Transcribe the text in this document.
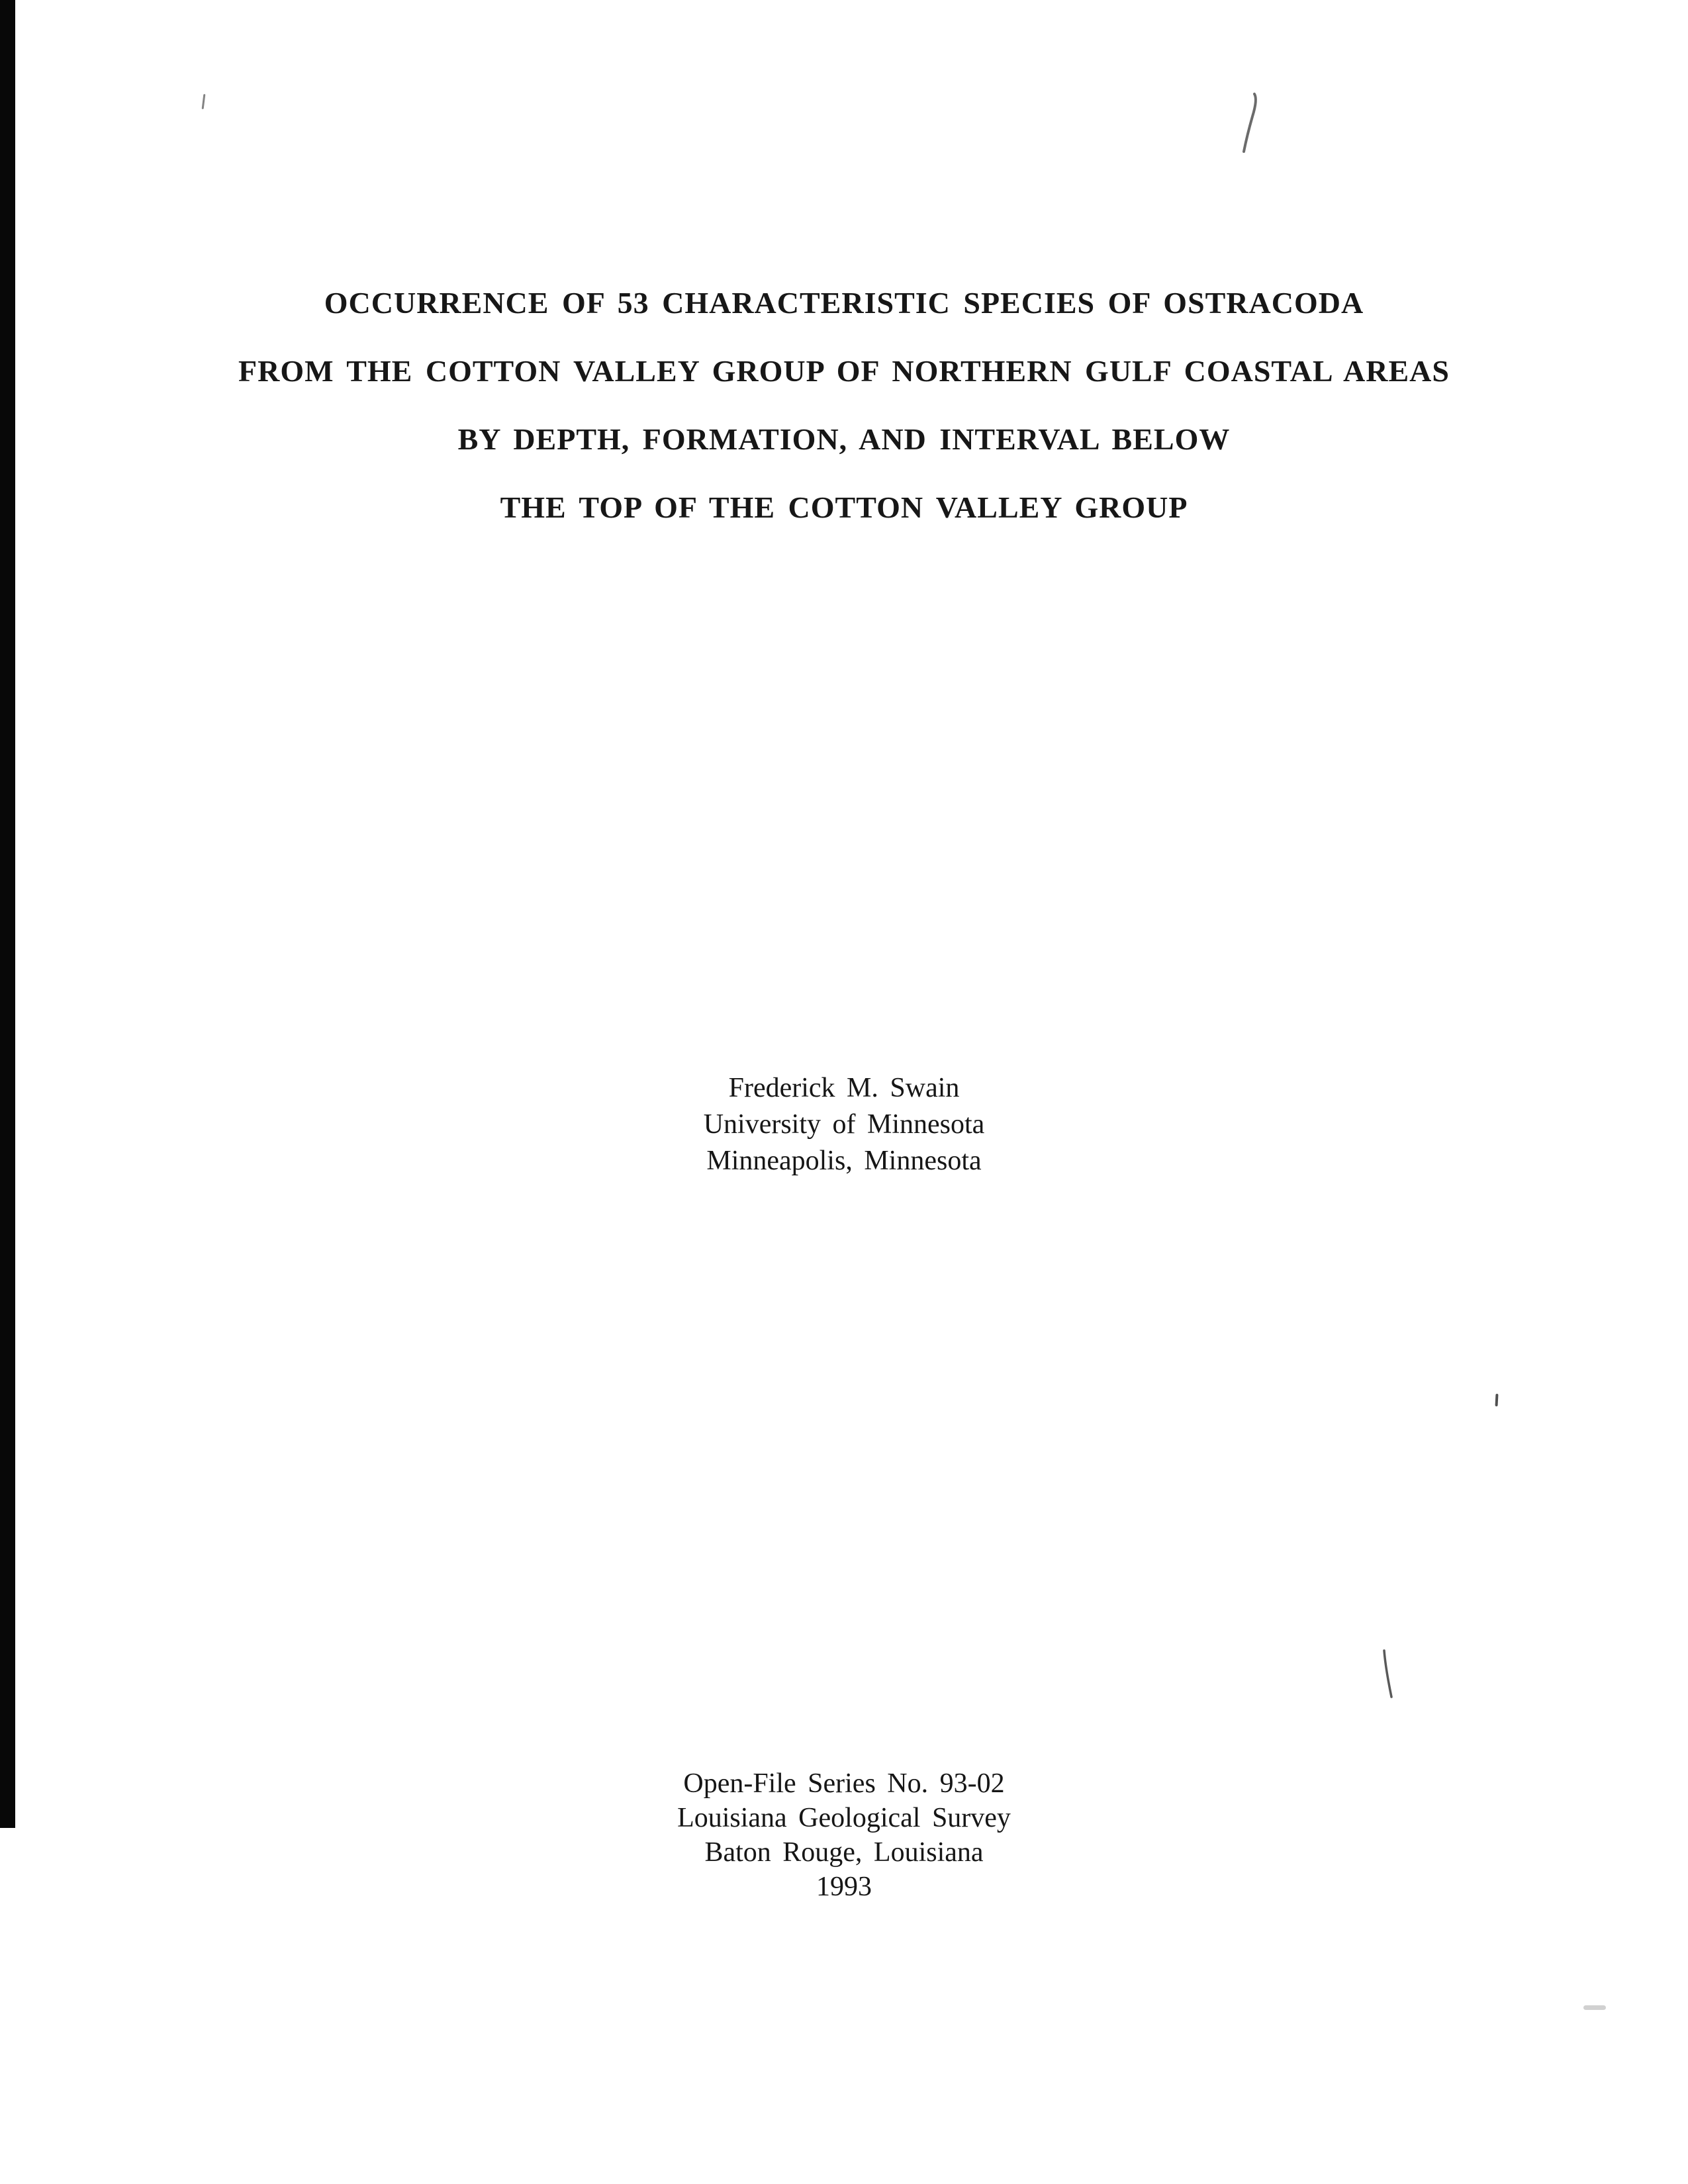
OCCURRENCE OF 53 CHARACTERISTIC SPECIES OF OSTRACODA
FROM THE COTTON VALLEY GROUP OF NORTHERN GULF COASTAL AREAS
BY DEPTH, FORMATION, AND INTERVAL BELOW
THE TOP OF THE COTTON VALLEY GROUP
Frederick M. Swain
University of Minnesota
Minneapolis, Minnesota
Open-File Series No. 93-02
Louisiana Geological Survey
Baton Rouge, Louisiana
1993
